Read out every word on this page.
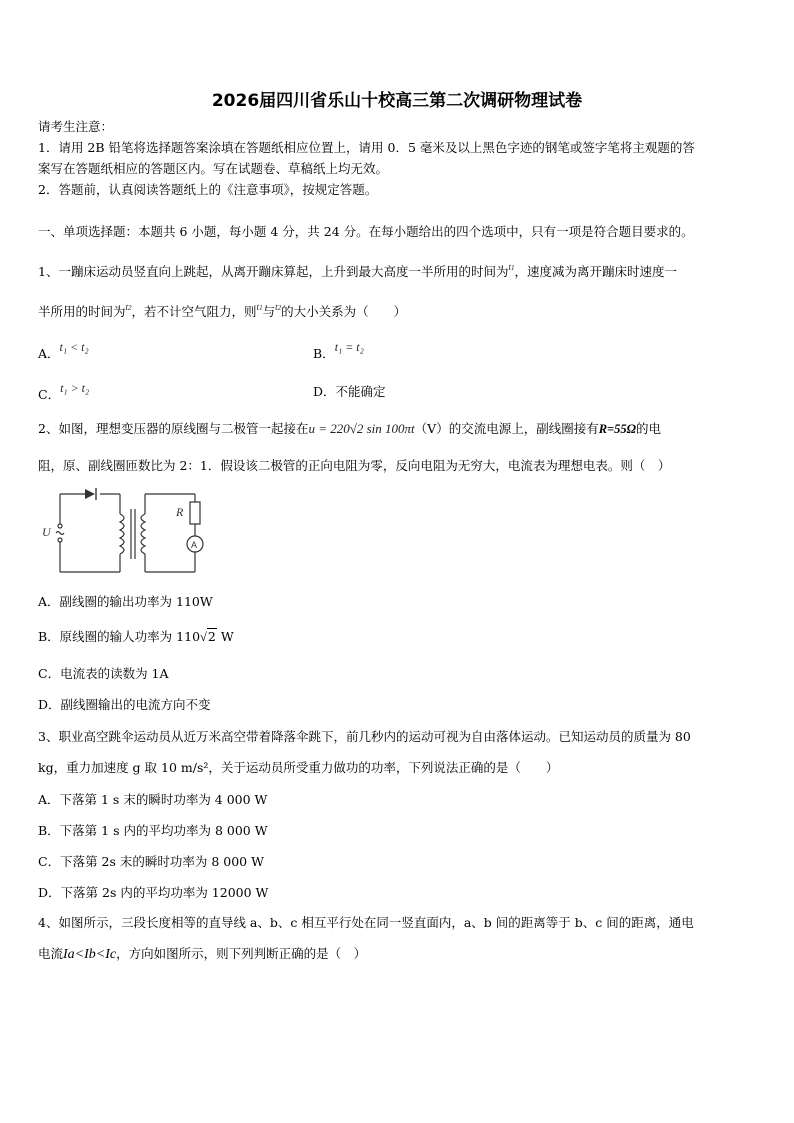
2026届四川省乐山十校高三第二次调研物理试卷
请考生注意：
1．请用 2B 铅笔将选择题答案涂填在答题纸相应位置上，请用 0．5 毫米及以上黑色字迹的钢笔或签字笔将主观题的答
案写在答题纸相应的答题区内。写在试题卷、草稿纸上均无效。
2．答题前，认真阅读答题纸上的《注意事项》，按规定答题。
一、单项选择题：本题共 6 小题，每小题 4 分，共 24 分。在每小题给出的四个选项中，只有一项是符合题目要求的。
1、一蹦床运动员竖直向上跳起，从离开蹦床算起，上升到最大高度一半所用的时间为$^{t1}$，速度减为离开蹦床时速度一
半所用的时间为$^{t2}$，若不计空气阻力，则$^{t1}$与$^{t2}$的大小关系为（　　）
A．t₁ < t₂	B．t₁ = t₂
C．t₁ > t₂	D．不能确定
2、如图，理想变压器的原线圈与二极管一起接在u = 220√2 sin 100πt（V）的交流电源上，副线圈接有R=55Ω的电
阻，原、副线圈匝数比为 2：1．假设该二极管的正向电阻为零，反向电阻为无穷大，电流表为理想电表。则（　）
U
R
A
A．副线圈的输出功率为 110W
B．原线圈的输人功率为 110√2 W
C．电流表的读数为 1A
D．副线圈输出的电流方向不变
3、职业高空跳伞运动员从近万米高空带着降落伞跳下，前几秒内的运动可视为自由落体运动。已知运动员的质量为 80
kg，重力加速度 g 取 10 m/s²，关于运动员所受重力做功的功率，下列说法正确的是（　　）
A．下落第 1 s 末的瞬时功率为 4 000 W
B．下落第 1 s 内的平均功率为 8 000 W
C．下落第 2s 末的瞬时功率为 8 000 W
D．下落第 2s 内的平均功率为 12000 W
4、如图所示，三段长度相等的直导线 a、b、c 相互平行处在同一竖直面内，a、b 间的距离等于 b、c 间的距离，通电
电流Ia<Ib<Ic，方向如图所示，则下列判断正确的是（　）
